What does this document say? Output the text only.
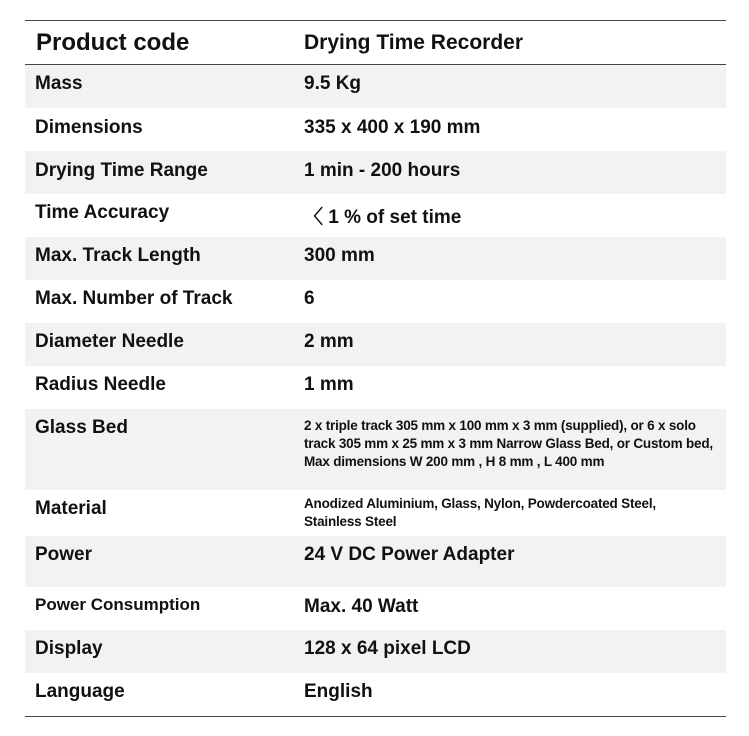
Product code	Drying Time Recorder
Mass	9.5 Kg
Dimensions	335 x 400 x 190 mm
Drying Time Range	1 min - 200 hours
Time Accuracy	〈 1 % of set time
Max. Track Length	300 mm
Max. Number of Track	6
Diameter Needle	2 mm
Radius Needle	1 mm
Glass Bed	2 x triple track 305 mm x 100 mm x 3 mm (supplied), or 6 x solo track 305 mm x 25 mm x 3 mm Narrow Glass Bed, or Custom bed, Max dimensions W 200 mm , H 8 mm , L 400 mm
Material	Anodized Aluminium, Glass, Nylon, Powdercoated Steel, Stainless Steel
Power	24 V DC Power Adapter
Power Consumption	Max. 40 Watt
Display	128 x 64 pixel LCD
Language	English
